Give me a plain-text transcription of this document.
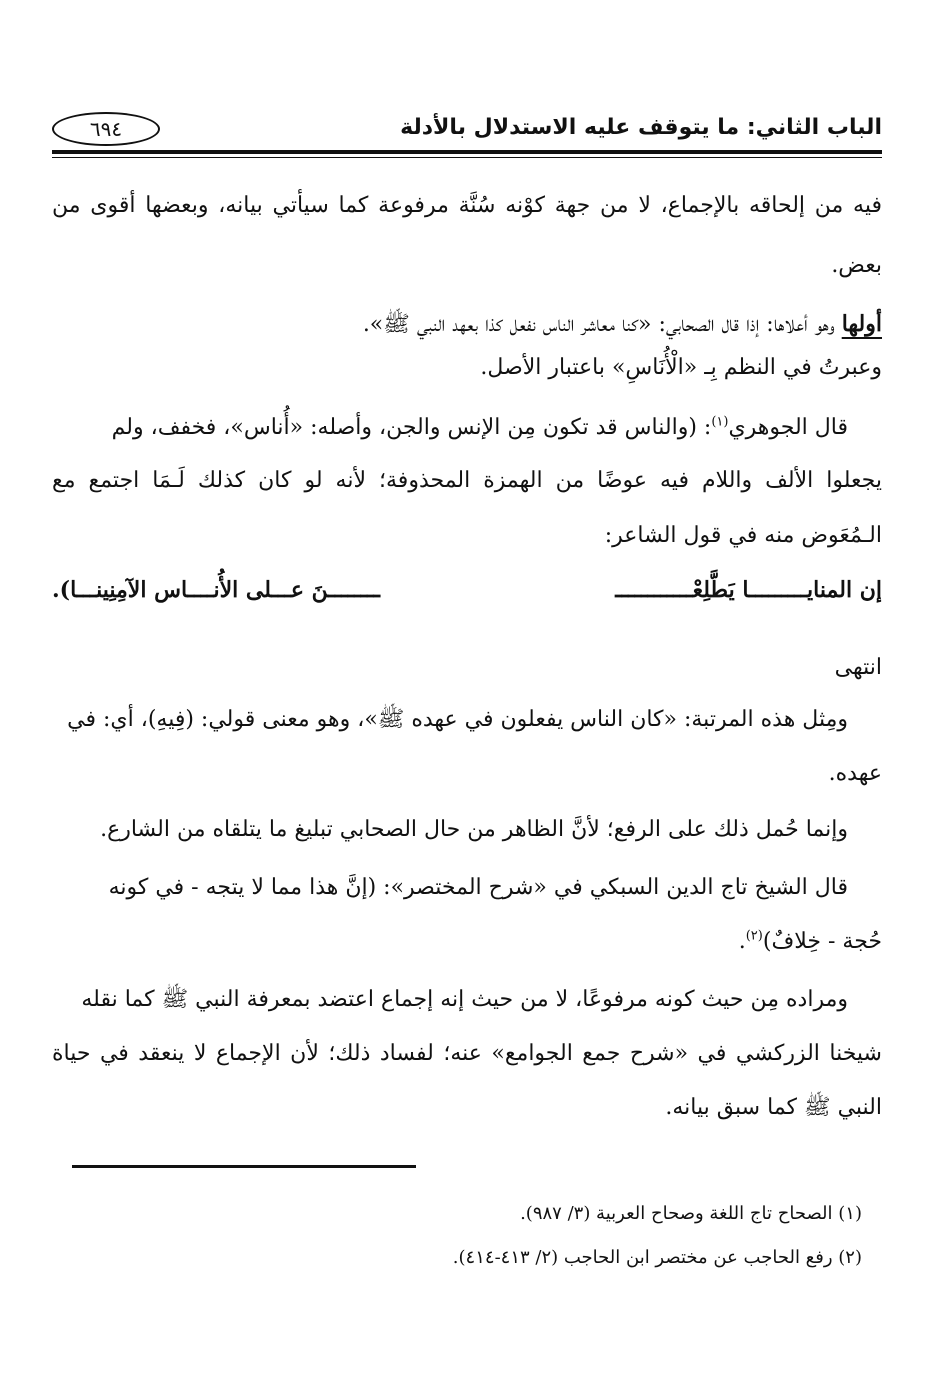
الباب الثاني: ما يتوقف عليه الاستدلال بالأدلة
٦٩٤
فيه من إلحاقه بالإجماع، لا من جهة كوْنه سُنَّة مرفوعة كما سيأتي بيانه، وبعضها أقوى من
بعض.
أولها وهو أعلاها: إذا قال الصحابي: «كنا معاشر الناس نفعل كذا بعهد النبي ﷺ».
وعبرتُ في النظم بِـ «الْأُنَاسِ» باعتبار الأصل.
قال الجوهري$^{(١)}$: (والناس قد تكون مِن الإنس والجن، وأصله: «أُناس»، فخفف، ولم
يجعلوا الألف واللام فيه عوضًا من الهمزة المحذوفة؛ لأنه لو كان كذلك لَـمَا اجتمع مع
الـمُعَوض منه في قول الشاعر:
إن المنايـــــــــا يَطَّلِعْــــــــــــ
ــــــــنَ عـــلى الأُنــــاس الآمِنِينـــا).
انتهى
ومِثل هذه المرتبة: «كان الناس يفعلون في عهده ﷺ»، وهو معنى قولي: (فِيهِ)، أي: في
عهده.
وإنما حُمل ذلك على الرفع؛ لأنَّ الظاهر من حال الصحابي تبليغ ما يتلقاه من الشارع.
قال الشيخ تاج الدين السبكي في «شرح المختصر»: (إنَّ هذا مما لا يتجه - في كونه
حُجة - خِلافٌ)$^{(٢)}$.
ومراده مِن حيث كونه مرفوعًا، لا من حيث إنه إجماع اعتضد بمعرفة النبي ﷺ كما نقله
شيخنا الزركشي في «شرح جمع الجوامع» عنه؛ لفساد ذلك؛ لأن الإجماع لا ينعقد في حياة
النبي ﷺ كما سبق بيانه.
(١) الصحاح تاج اللغة وصحاح العربية (٣/ ٩٨٧).
(٢) رفع الحاجب عن مختصر ابن الحاجب (٢/ ٤١٣-٤١٤).
